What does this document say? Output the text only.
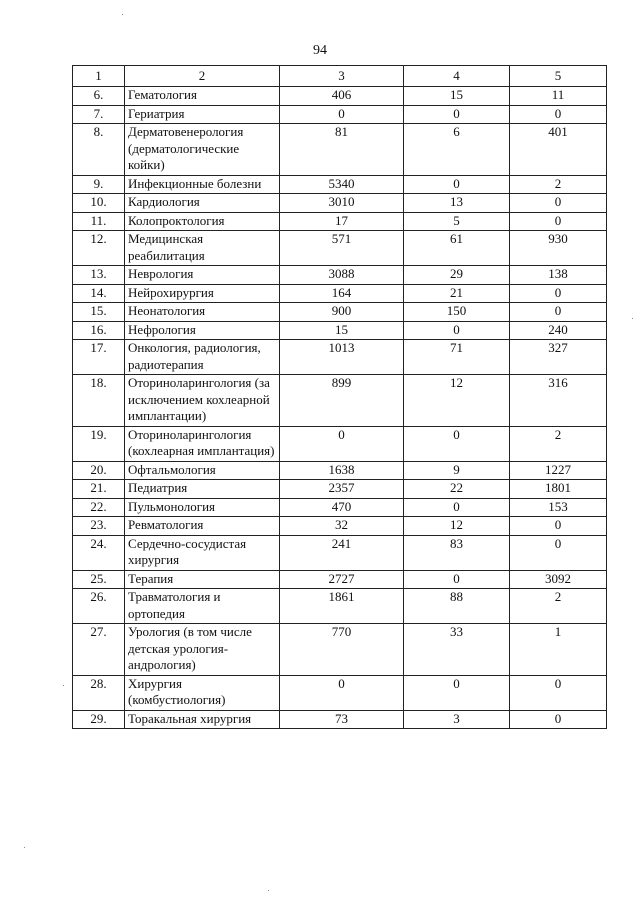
94
1	2	3	4	5
6.	Гематология	406	15	11
7.	Гериатрия	0	0	0
8.	Дерматовенерология (дерматологические койки)	81	6	401
9.	Инфекционные болезни	5340	0	2
10.	Кардиология	3010	13	0
11.	Колопроктология	17	5	0
12.	Медицинская реабилитация	571	61	930
13.	Неврология	3088	29	138
14.	Нейрохирургия	164	21	0
15.	Неонатология	900	150	0
16.	Нефрология	15	0	240
17.	Онкология, радиология, радиотерапия	1013	71	327
18.	Оториноларингология (за исключением кохлеарной имплантации)	899	12	316
19.	Оториноларингология (кохлеарная имплантация)	0	0	2
20.	Офтальмология	1638	9	1227
21.	Педиатрия	2357	22	1801
22.	Пульмонология	470	0	153
23.	Ревматология	32	12	0
24.	Сердечно-сосудистая хирургия	241	83	0
25.	Терапия	2727	0	3092
26.	Травматология и ортопедия	1861	88	2
27.	Урология (в том числе детская урология-андрология)	770	33	1
28.	Хирургия (комбустиология)	0	0	0
29.	Торакальная хирургия	73	3	0
